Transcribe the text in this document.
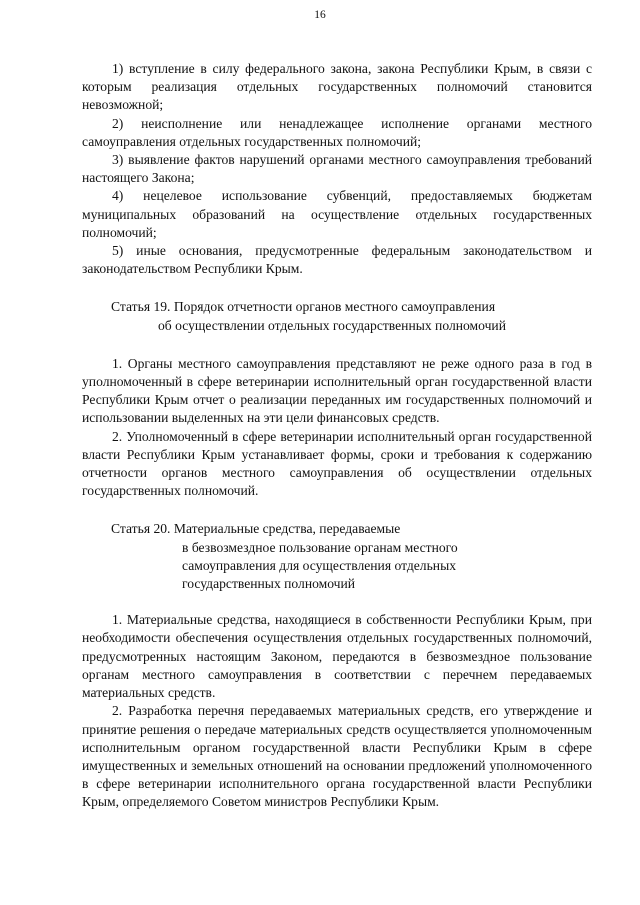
16

1) вступление в силу федерального закона, закона Республики Крым, в связи с которым реализация отдельных государственных полномочий становится невозможной;

2) неисполнение или ненадлежащее исполнение органами местного самоуправления отдельных государственных полномочий;

3) выявление фактов нарушений органами местного самоуправления требований настоящего Закона;

4) нецелевое использование субвенций, предоставляемых бюджетам муниципальных образований на осуществление отдельных государственных полномочий;

5) иные основания, предусмотренные федеральным законодательством и законодательством Республики Крым.

Статья 19. Порядок отчетности органов местного самоуправления
об осуществлении отдельных государственных полномочий

1. Органы местного самоуправления представляют не реже одного раза в год в уполномоченный в сфере ветеринарии исполнительный орган государственной власти Республики Крым отчет о реализации переданных им государственных полномочий и использовании выделенных на эти цели финансовых средств.

2. Уполномоченный в сфере ветеринарии исполнительный орган государственной власти Республики Крым устанавливает формы, сроки и требования к содержанию отчетности органов местного самоуправления об осуществлении отдельных государственных полномочий.

Статья 20. Материальные средства, передаваемые
в безвозмездное пользование органам местного
самоуправления для осуществления отдельных
государственных полномочий

1. Материальные средства, находящиеся в собственности Республики Крым, при необходимости обеспечения осуществления отдельных государственных полномочий, предусмотренных настоящим Законом, передаются в безвозмездное пользование органам местного самоуправления в соответствии с перечнем передаваемых материальных средств.

2. Разработка перечня передаваемых материальных средств, его утверждение и принятие решения о передаче материальных средств осуществляется уполномоченным исполнительным органом государственной власти Республики Крым в сфере имущественных и земельных отношений на основании предложений уполномоченного в сфере ветеринарии исполнительного органа государственной власти Республики Крым, определяемого Советом министров Республики Крым.
